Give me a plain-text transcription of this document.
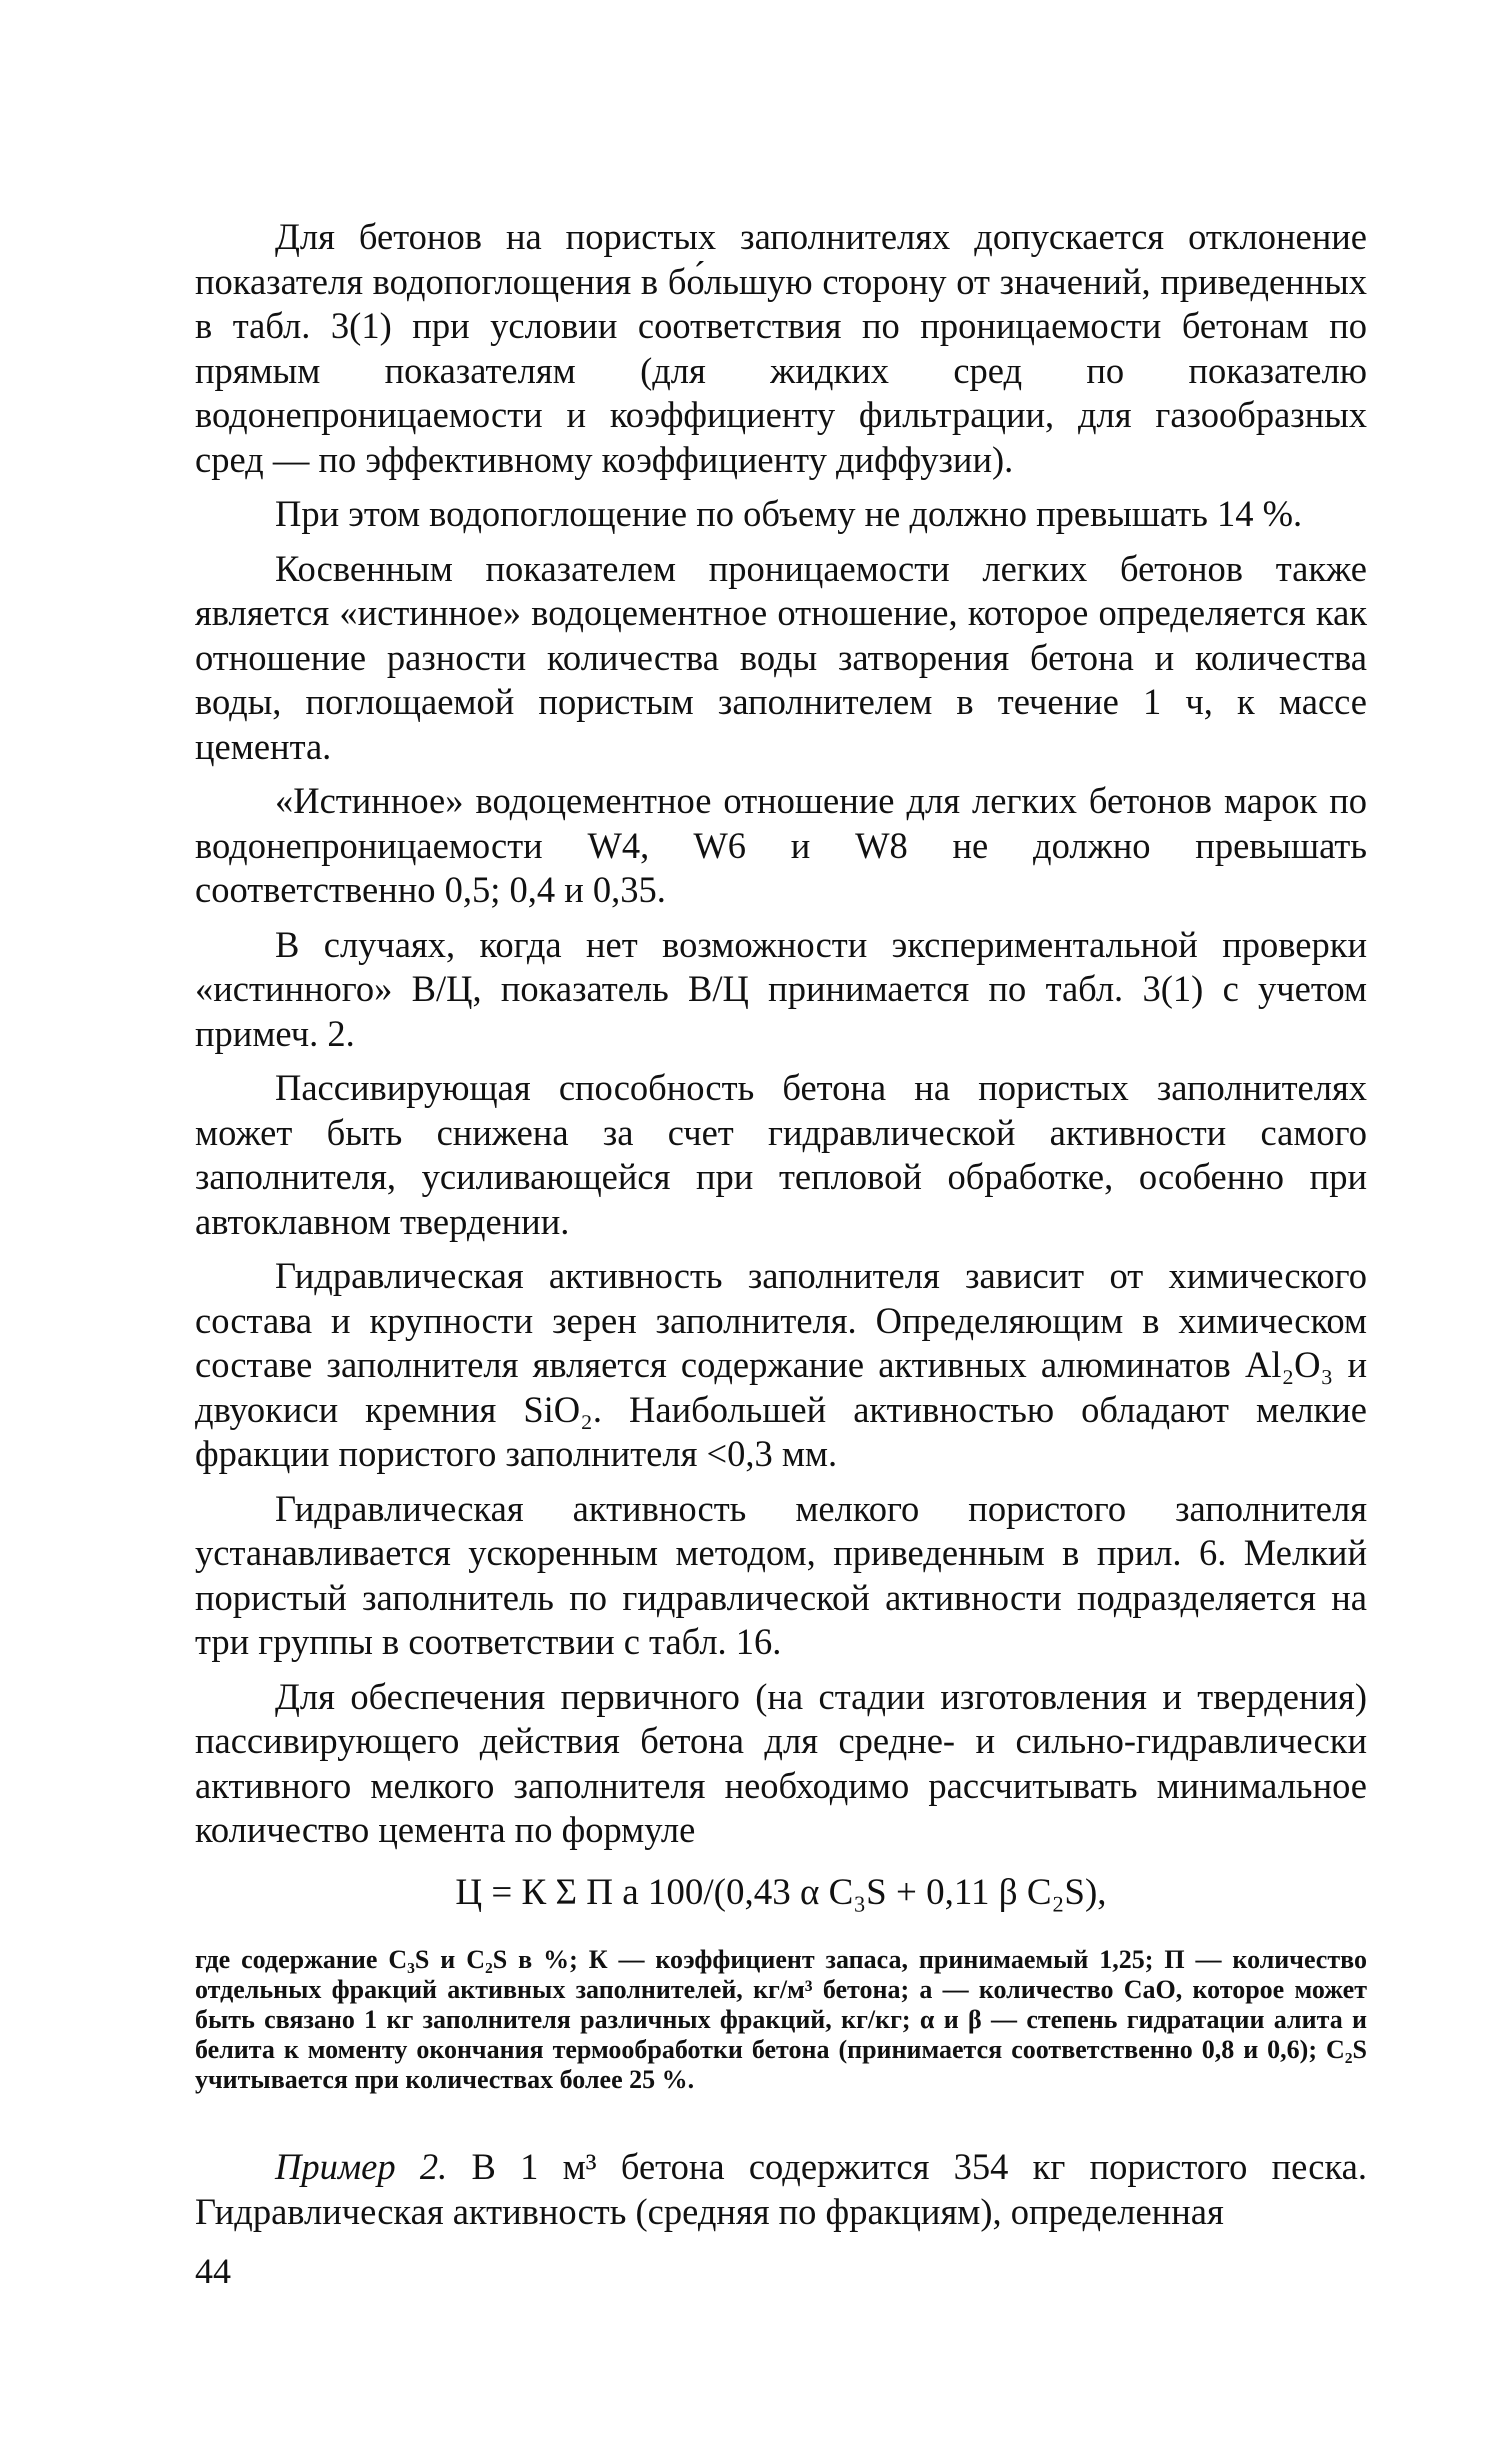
Для бетонов на пористых заполнителях допускается отклонение показателя водопоглощения в бо́льшую сторону от значений, приведенных в табл. 3(1) при условии соответствия по проницаемости бетонам по прямым показателям (для жидких сред по показателю водонепроницаемости и коэффициенту фильтрации, для газообразных сред — по эффективному коэффициенту диффузии).

При этом водопоглощение по объему не должно превышать 14 %.

Косвенным показателем проницаемости легких бетонов также является «истинное» водоцементное отношение, которое определяется как отношение разности количества воды затворения бетона и количества воды, поглощаемой пористым заполнителем в течение 1 ч, к массе цемента.

«Истинное» водоцементное отношение для легких бетонов марок по водонепроницаемости W4, W6 и W8 не должно превышать соответственно 0,5; 0,4 и 0,35.

В случаях, когда нет возможности экспериментальной проверки «истинного» В/Ц, показатель В/Ц принимается по табл. 3(1) с учетом примеч. 2.

Пассивирующая способность бетона на пористых заполнителях может быть снижена за счет гидравлической активности самого заполнителя, усиливающейся при тепловой обработке, особенно при автоклавном твердении.

Гидравлическая активность заполнителя зависит от химического состава и крупности зерен заполнителя. Определяющим в химическом составе заполнителя является содержание активных алюминатов Al₂O₃ и двуокиси кремния SiO₂. Наибольшей активностью обладают мелкие фракции пористого заполнителя <0,3 мм.

Гидравлическая активность мелкого пористого заполнителя устанавливается ускоренным методом, приведенным в прил. 6. Мелкий пористый заполнитель по гидравлической активности подразделяется на три группы в соответствии с табл. 16.

Для обеспечения первичного (на стадии изготовления и твердения) пассивирующего действия бетона для средне- и сильно-гидравлически активного мелкого заполнителя необходимо рассчитывать минимальное количество цемента по формуле

Ц = К Σ П а 100/(0,43 α C₃S + 0,11 β C₂S),

где содержание C₃S и C₂S в %; К — коэффициент запаса, принимаемый 1,25; П — количество отдельных фракций активных заполнителей, кг/м³ бетона; а — количество CaO, которое может быть связано 1 кг заполнителя различных фракций, кг/кг; α и β — степень гидратации алита и белита к моменту окончания термообработки бетона (принимается соответственно 0,8 и 0,6); C₂S учитывается при количествах более 25 %.

Пример 2. В 1 м³ бетона содержится 354 кг пористого песка. Гидравлическая активность (средняя по фракциям), определенная

44
